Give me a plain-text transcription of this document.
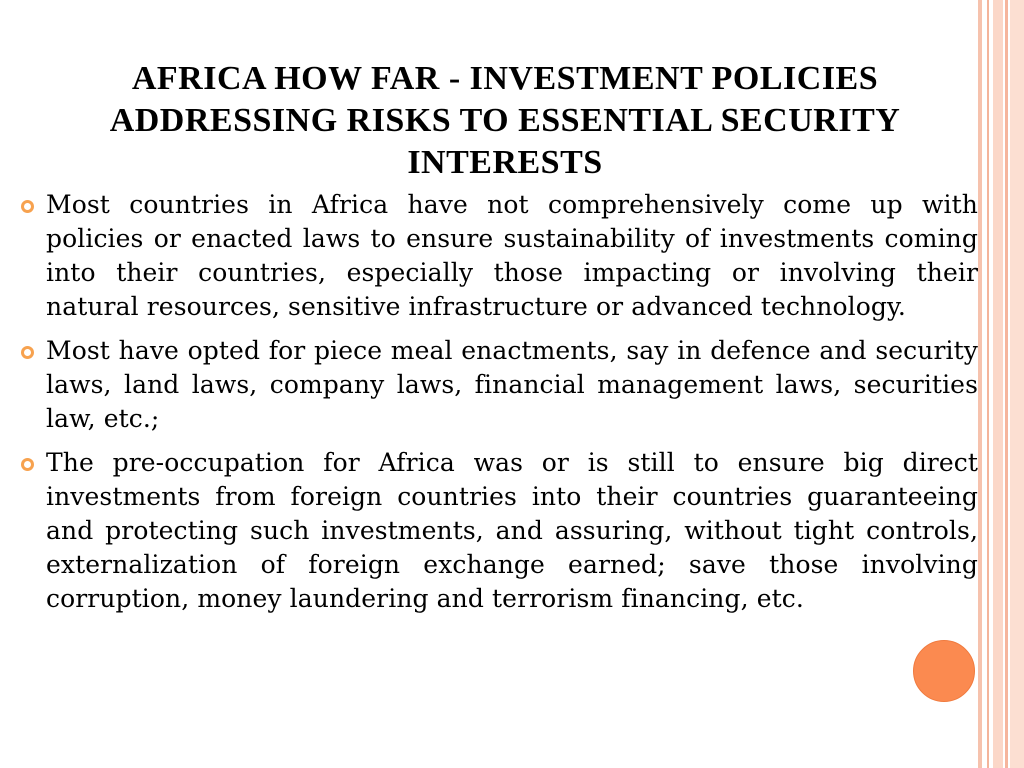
AFRICA HOW FAR - INVESTMENT POLICIES
ADDRESSING RISKS TO ESSENTIAL SECURITY
INTERESTS
Most countries in Africa have not comprehensively come up with policies or enacted laws to ensure sustainability of investments coming into their countries, especially those impacting or involving their natural resources, sensitive infrastructure or advanced technology.
Most have opted for piece meal enactments, say in defence and security laws, land laws, company laws, financial management laws, securities law, etc.;
The pre-occupation for Africa was or is still to ensure big direct investments from foreign countries into their countries guaranteeing and protecting such investments, and assuring, without tight controls, externalization of foreign exchange earned; save those involving corruption, money laundering and terrorism financing, etc.
